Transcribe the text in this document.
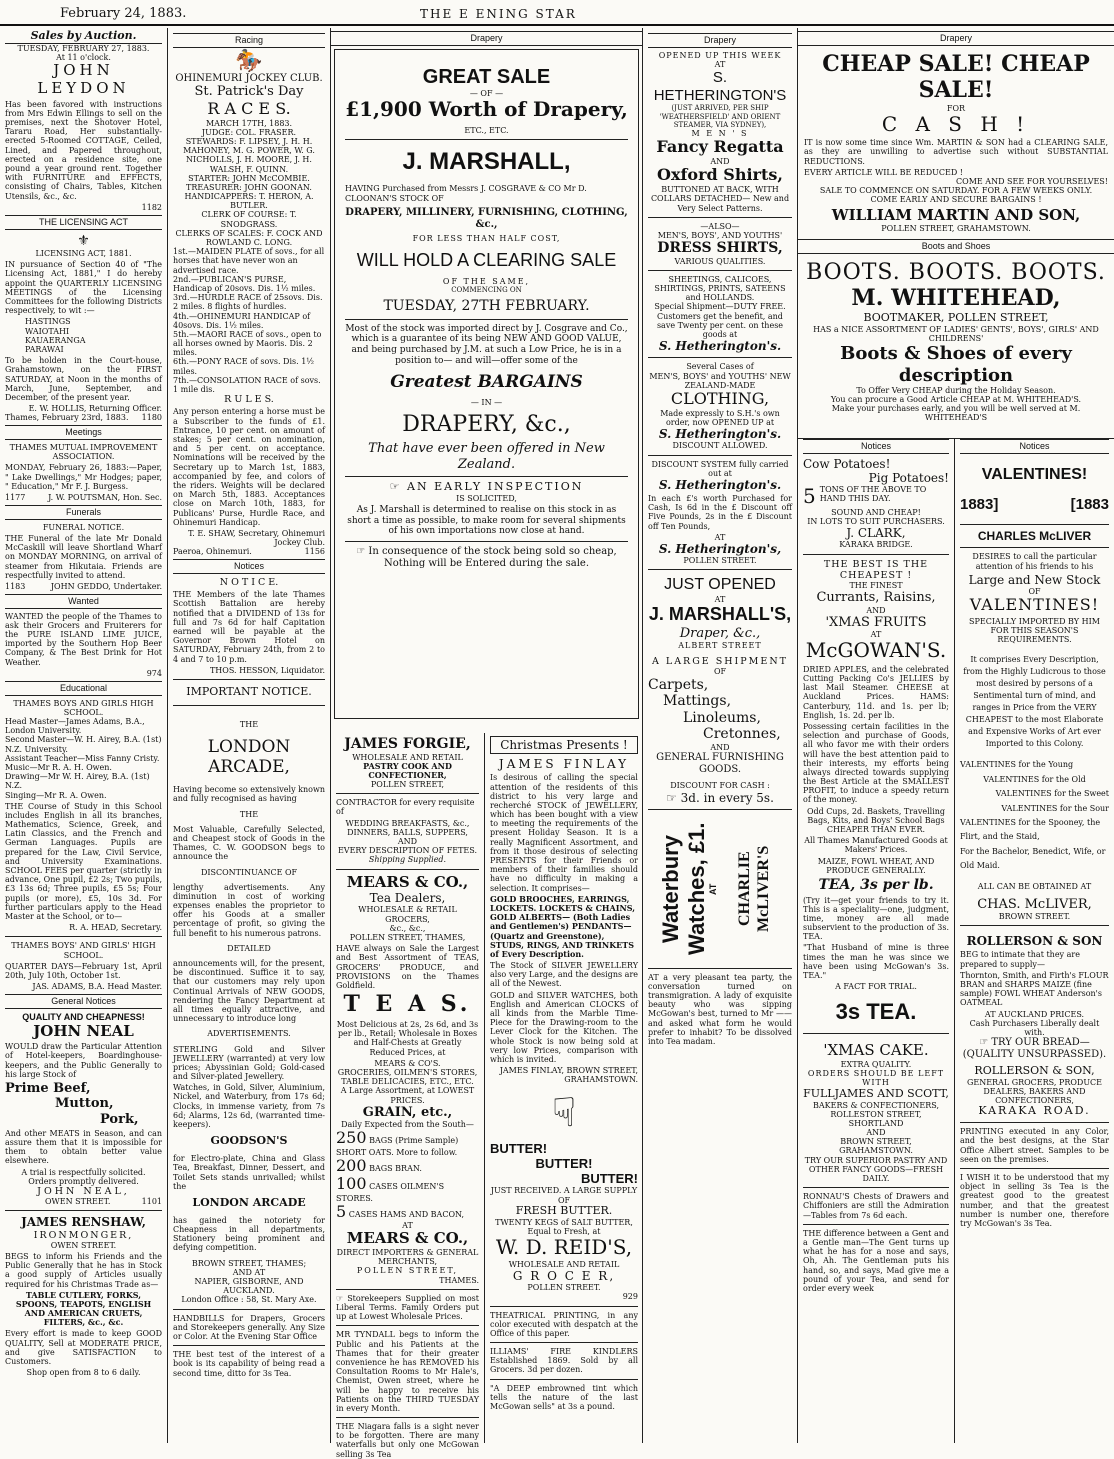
February 24, 1883.	THE E ENING STAR
Sales by Auction.
TUESDAY, FEBRUARY 27, 1883.
At 11 o'clock.
JOHN LEYDON

Has been favored with instructions from Mrs Edwin Ellings to sell on the premises, next the Shotover Hotel, Tararu Road, Her substantially-erected 5-Roomed COTTAGE, Ceiled, Lined, and Papered throughout, erected on a residence site, one pound a year ground rent. Together with FURNITURE and EFFECTS, consisting of Chairs, Tables, Kitchen Utensils, &c., &c.

1182
THE LICENSING ACT
⚜
LICENSING ACT, 1881.

IN pursuance of Section 40 of "The Licensing Act, 1881," I do hereby appoint the QUARTERLY LICENSING MEETINGS of the Licensing Committees for the following Districts respectively, to wit :—

HASTINGS
WAIOTAHI
KAUAERANGA
PARAWAI

To be holden in the Court-house, Grahamstown, on the FIRST SATURDAY, at Noon in the months of March, June, September, and December, of the present year.

E. W. HOLLIS, Returning Officer.
Thames, February 23rd, 1883. 1180
Meetings
THAMES MUTUAL IMPROVEMENT ASSOCIATION.

MONDAY, February 26, 1883:—Paper, " Lake Dwellings," Mr Hodges; paper, " Education," Mr F. J. Burgess.

1177	J. W. POUTSMAN, Hon. Sec.
Funerals
FUNERAL NOTICE.

THE Funeral of the late Mr Donald McCaskill will leave Shortland Wharf on MONDAY MORNING, on arrival of steamer from Hikutaia. Friends are respectfully invited to attend.

1183	JOHN GEDDO, Undertaker.
Wanted

WANTED the people of the Thames to ask their Grocers and Fruiterers for the PURE ISLAND LIME JUICE, imported by the Southern Hop Beer Company, & The Best Drink for Hot Weather.

974
Educational
THAMES BOYS AND GIRLS HIGH SCHOOL.
Head Master—James Adams, B.A., London University.
Second Master—W. H. Airey, B.A. (1st) N.Z. University.
Assistant Teacher—Miss Fanny Cristy.
Music—Mr R. A. H. Owen.
Drawing—Mr W. H. Airey, B.A. (1st) N.Z.
Singing—Mr R. A. Owen.

THE Course of Study in this School includes English in all its branches, Mathematics, Science, Greek, and Latin Classics, and the French and German Languages. Pupils are prepared for the Law, Civil Service, and University Examinations. SCHOOL FEES per quarter (strictly in advance, One pupil, £2 2s; Two pupils, £3 13s 6d; Three pupils, £5 5s; Four pupils (or more), £5, 10s 3d. For further particulars apply to the Head Master at the School, or to—

R. A. HEAD, Secretary.
THAMES BOYS' AND GIRLS' HIGH SCHOOL.

QUARTER DAYS—February 1st, April 20th, July 10th, October 1st.

JAS. ADAMS, B.A. Head Master.
General Notices
QUALITY AND CHEAPNESS!
JOHN NEAL

WOULD draw the Particular Attention of Hotel-keepers, Boardinghouse-keepers, and the Public Generally to his large Stock of

Prime Beef,
Mutton,
Pork,

And other MEATS in Season, and can assure them that it is impossible for them to obtain better value elsewhere.

A trial is respectfully solicited.
Orders promptly delivered.
JOHN NEAL,
OWEN STREET.	1101
JAMES RENSHAW,
IRONMONGER,
OWEN STREET.

BEGS to inform his Friends and the Public Generally that he has in Stock a good supply of Articles usually required for his Christmas Trade as—

TABLE CUTLERY, FORKS, SPOONS, TEAPOTS, ENGLISH AND AMERICAN CRUETS, FILTERS, &c., &c.

Every effort is made to keep GOOD QUALITY, Sell at MODERATE PRICE, and give SATISFACTION to Customers.

Shop open from 8 to 6 daily.
Racing
🏇
OHINEMURI JOCKEY CLUB.
St. Patrick's Day
R A C E S.
MARCH 17TH, 1883.
JUDGE: COL. FRASER.
STEWARDS: F. LIPSEY, J. H. H. MAHONEY, M. G. POWER, W. G. NICHOLLS, J. H. MOORE, J. H. WALSH, F. QUINN.
STARTER: JOHN McCOMBIE.
TREASURER: JOHN GOONAN.
HANDICAPPERS: T. HERON, A. BUTLER.
CLERK OF COURSE: T. SNODGRASS.
CLERKS OF SCALES: F. COCK AND ROWLAND C. LONG.
1st.—MAIDEN PLATE of sovs., for all horses that have never won an advertised race.
2nd.—PUBLICAN'S PURSE, Handicap of 20sovs. Dis. 1½ miles.
3rd.—HURDLE RACE of 25sovs. Dis. 2 miles. 8 flights of hurdles.
4th.—OHINEMURI HANDICAP of 40sovs. Dis. 1½ miles.
5th.—MAORI RACE of sovs., open to all horses owned by Maoris. Dis. 2 miles.
6th.—PONY RACE of sovs. Dis. 1½ miles.
7th.—CONSOLATION RACE of sovs. 1 mile dis.
R U L E S.

Any person entering a horse must be a Subscriber to the funds of £1. Entrance, 10 per cent. on amount of stakes; 5 per cent. on nomination, and 5 per cent. on acceptance. Nominations will be received by the Secretary up to March 1st, 1883, accompanied by fee, and colors of the riders. Weights will be declared on March 5th, 1883. Acceptances close on March 10th, 1883, for Publicans' Purse, Hurdle Race, and Ohinemuri Handicap.

T. E. SHAW, Secretary, Ohinemuri Jockey Club.
Paeroa, Ohinemuri.	1156
Notices
N O T I C E.

THE Members of the late Thames Scottish Battalion are hereby notified that a DIVIDEND of 13s for full and 7s 6d for half Capitation earned will be payable at the Governor Brown Hotel on SATURDAY, February 24th, from 2 to 4 and 7 to 10 p.m.

THOS. HESSON, Liquidator.
IMPORTANT NOTICE.
THE
LONDON ARCADE,

Having become so extensively known and fully recognised as having

THE

Most Valuable, Carefully Selected, and Cheapest stock of Goods in the Thames, C. W. GOODSON begs to announce the

DISCONTINUANCE OF

lengthy advertisements. Any diminution in cost of working expenses enables the proprietor to offer his Goods at a smaller percentage of profit, so giving the full benefit to his numerous patrons.

DETAILED

announcements will, for the present, be discontinued. Suffice it to say, that our customers may rely upon Continual Arrivals of NEW GOODS, rendering the Fancy Department at all times equally attractive, and unnecessary to introduce long

ADVERTISEMENTS.

STERLING Gold and Silver JEWELLERY (warranted) at very low prices; Abyssinian Gold; Gold-cased and Silver-plated Jewellery.

Watches, in Gold, Silver, Aluminium, Nickel, and Waterbury, from 17s 6d; Clocks, in immense variety, from 7s 6d; Alarms, 12s 6d, (warranted time-keepers).

GOODSON'S

for Electro-plate, China and Glass Tea, Breakfast, Dinner, Dessert, and Toilet Sets stands unrivalled; whilst the

LONDON ARCADE

has gained the notoriety for Cheapness in all departments, Stationery being prominent and defying competition.

BROWN STREET, THAMES;
AND AT
NAPIER, GISBORNE, AND AUCKLAND.
London Office : 58, St. Mary Axe.

HANDBILLS for Drapers, Grocers and Storekeepers generally. Any Size or Color. At the Evening Star Office

THE best test of the interest of a book is its capability of being read a second time, ditto for 3s Tea.

Drapery
GREAT SALE
— OF —
£1,900 Worth of Drapery,
ETC., ETC.
J. MARSHALL,

HAVING Purchased from Messrs J. COSGRAVE & CO Mr D. CLOONAN'S STOCK OF

DRAPERY, MILLINERY, FURNISHING, CLOTHING, &c.,
FOR LESS THAN HALF COST,
WILL HOLD A CLEARING SALE
OF THE SAME,
COMMENCING ON
TUESDAY, 27TH FEBRUARY.

Most of the stock was imported direct by J. Cosgrave and Co., which is a guarantee of its being NEW AND GOOD VALUE, and being purchased by J.M. at such a Low Price, he is in a position to— and will—offer some of the

Greatest BARGAINS
— IN —
DRAPERY, &c.,
That have ever been offered in New Zealand.
☞ AN EARLY INSPECTION
IS SOLICITED,

As J. Marshall is determined to realise on this stock in as short a time as possible, to make room for several shipments of his own importations now close at hand.

☞ In consequence of the stock being sold so cheap, Nothing will be Entered during the sale.

JAMES FORGIE,
WHOLESALE AND RETAIL
PASTRY COOK AND CONFECTIONER,
POLLEN STREET,

CONTRACTOR for every requisite of

WEDDING BREAKFASTS, &c., DINNERS, BALLS, SUPPERS,
AND
EVERY DESCRIPTION OF FETES.
Shipping Supplied.
MEARS & CO.,
Tea Dealers,
WHOLESALE & RETAIL GROCERS,
&c., &c.,
POLLEN STREET, THAMES,

HAVE always on Sale the Largest and Best Assortment of TEAS, GROCERS' PRODUCE, and PROVISIONS on the Thames Goldfield.

T E A S.

Most Delicious at 2s, 2s 6d, and 3s per lb., Retail; Wholesale in Boxes and Half-Chests at Greatly Reduced Prices, at

MEARS & CO'S.
GROCERIES, OILMEN'S STORES, TABLE DELICACIES, ETC., ETC.
A Large Assortment, at LOWEST PRICES.
GRAIN, etc.,
Daily Expected from the South—
250 BAGS (Prime Sample) SHORT OATS. More to follow.
200 BAGS BRAN.
100 CASES OILMEN'S STORES.
5 CASES HAMS AND BACON,
AT
MEARS & CO.,
DIRECT IMPORTERS & GENERAL MERCHANTS,
POLLEN STREET,
THAMES.

☞ Storekeepers Supplied on most Liberal Terms. Family Orders put up at Lowest Wholesale Prices.

MR TYNDALL begs to inform the Public and his Patients at the Thames that for their greater convenience he has REMOVED his Consultation Rooms to Mr Hale's, Chemist, Owen street, where he will be happy to receive his Patients on the THIRD TUESDAY in every Month.

THE Niagara falls is a sight never to be forgotten. There are many waterfalls but only one McGowan selling 3s Tea

Christmas Presents !
JAMES FINLAY

Is desirous of calling the special attention of the residents of this district to his very large and recherché STOCK of JEWELLERY, which has been bought with a view to meeting the requirements of the present Holiday Season. It is a really Magnificent Assortment, and from it those desirous of selecting PRESENTS for their Friends or members of their families should have no difficulty in making a selection. It comprises—

GOLD BROOCHES, EARRINGS, LOCKETS. LOCKETS & CHAINS, GOLD ALBERTS— (Both Ladies and Gentlemen's) PENDANTS— (Quartz and Greenstone), STUDS, RINGS, AND TRINKETS of Every Description.

The Stock of SILVER JEWELLERY also very Large, and the designs are all of the Newest.

GOLD and SILVER WATCHES, both English and American CLOCKS of all kinds from the Marble Time-Piece for the Drawing-room to the Lever Clock for the Kitchen. The whole Stock is now being sold at very low Prices, comparison with which is invited.

JAMES FINLAY, BROWN STREET, GRAHAMSTOWN.
☟
BUTTER!
BUTTER!
BUTTER!
JUST RECEIVED. A LARGE SUPPLY OF
FRESH BUTTER.
TWENTY KEGS of SALT BUTTER, Equal to Fresh, at
W. D. REID'S,
WHOLESALE AND RETAIL
G R O C E R,
POLLEN STREET.
929

THEATRICAL PRINTING, in any color executed with despatch at the Office of this paper.

ILLIAMS' FIRE KINDLERS Established 1869. Sold by all Grocers. 3d per dozen.

"A DEEP embrowned tint which tells the nature of the last McGowan sells" at 3s a pound.

Drapery
OPENED UP THIS WEEK
AT
S. HETHERINGTON'S
(JUST ARRIVED, PER SHIP 'WEATHERSFIELD' AND ORIENT STEAMER, VIA SYDNEY),
M E N ' S
Fancy Regatta
AND
Oxford Shirts,
BUTTONED AT BACK, WITH COLLARS DETACHED— New and Very Select Patterns.
—ALSO—
MEN'S, BOYS', AND YOUTHS'
DRESS SHIRTS,
VARIOUS QUALITIES.
SHEETINGS, CALICOES, SHIRTINGS, PRINTS, SATEENS and HOLLANDS.
Special Shipment—DUTY FREE.
Customers get the benefit, and save Twenty per cent. on these goods at
S. Hetherington's.
Several Cases of
MEN'S, BOYS' and YOUTHS' NEW ZEALAND-MADE
CLOTHING,
Made expressly to S.H.'s own order, now OPENED UP at
S. Hetherington's.
DISCOUNT ALLOWED.
DISCOUNT SYSTEM fully carried out at
S. Hetherington's.

In each £'s worth Purchased for Cash, Is 6d in the £ Discount off Five Pounds, 2s in the £ Discount off Ten Pounds,

AT
S. Hetherington's,
POLLEN STREET.
JUST OPENED
AT
J. MARSHALL'S,
Draper, &c.,
ALBERT STREET
A LARGE SHIPMENT
OF
Carpets,
Mattings,
Linoleums,
Cretonnes,
AND
GENERAL FURNISHING GOODS.
DISCOUNT FOR CASH :
☞ 3d. in every 5s.
Waterbury Watches, £1. AT CHARLIE McLIVER'S

AT a very pleasant tea party, the conversation turned on transmigration. A lady of exquisite beauty who was sipping McGowan's best, turned to Mr —— and asked what form he would prefer to inhabit? To be dissolved into Tea madam.

Drapery
CHEAP SALE! CHEAP SALE!
FOR
C A S H !

IT is now some time since Wm. MARTIN & SON had a CLEARING SALE, as they are unwilling to advertise such without SUBSTANTIAL REDUCTIONS.

EVERY ARTICLE WILL BE REDUCED !
COME AND SEE FOR YOURSELVES!
SALE TO COMMENCE ON SATURDAY. FOR A FEW WEEKS ONLY.
COME EARLY AND SECURE BARGAINS !
WILLIAM MARTIN AND SON,
POLLEN STREET, GRAHAMSTOWN.
Boots and Shoes
BOOTS. BOOTS. BOOTS.
M. WHITEHEAD,
BOOTMAKER, POLLEN STREET,
HAS a NICE ASSORTMENT OF LADIES' GENTS', BOYS', GIRLS' AND CHILDRENS'
Boots & Shoes of every description
To Offer Very CHEAP during the Holiday Season.
You can procure a Good Article CHEAP at M. WHITEHEAD'S.
Make your purchases early, and you will be well served at M. WHITEHEAD'S
Notices
Cow Potatoes!
Pig Potatoes!
5 TONS OF THE ABOVE TO HAND THIS DAY.
SOUND AND CHEAP!
IN LOTS TO SUIT PURCHASERS.
J. CLARK,
KARAKA BRIDGE.
THE BEST IS THE CHEAPEST !
THE FINEST
Currants, Raisins,
AND
'XMAS FRUITS
AT
McGOWAN'S.

DRIED APPLES, and the celebrated Cutting Packing Co's JELLIES by last Mail Steamer. CHEESE at Auckland Prices. HAMS: Canterbury, 11d. and 1s. per lb; English, 1s. 2d. per lb.

Possessing certain facilities in the selection and purchase of Goods, all who favor me with their orders will have the best attention paid to their interests, my efforts being always directed towards supplying the Best Article at the SMALLEST PROFIT, to induce a speedy return of the money.

Odd Cups, 2d. Baskets, Travelling Bags, Kits, and Boys' School Bags CHEAPER THAN EVER.

All Thames Manufactured Goods at Makers' Prices.

MAIZE, FOWL WHEAT, AND PRODUCE GENERALLY.

TEA, 3s per lb.

(Try it—get your friends to try it. This is a speciality—one, judgment, time, money are all made subservient to the production of 3s. TEA.

"That Husband of mine is three times the man he was since we have been using McGowan's 3s. TEA."

A FACT FOR TRIAL.
3s TEA.
'XMAS CAKE.
EXTRA QUALITY.
ORDERS SHOULD BE LEFT WITH
FULLJAMES AND SCOTT,
BAKERS & CONFECTIONERS,
ROLLESTON STREET, SHORTLAND
AND
BROWN STREET, GRAHAMSTOWN.
TRY OUR SUPERIOR PASTRY AND OTHER FANCY GOODS—FRESH DAILY.

RONNAU'S Chests of Drawers and Chiffoniers are still the Admiration—Tables from 7s 6d each.

THE difference between a Gent and a Gentle man—The Gent turns up what he has for a nose and says, Oh, Ah. The Gentleman puts his hand, so, and says, Mad give me a pound of your Tea, and send for order every week

Notices
VALENTINES!
1883]	[1883
CHARLES McLIVER

DESIRES to call the particular attention of his friends to his

Large and New Stock
OF
VALENTINES!

SPECIALLY IMPORTED BY HIM FOR THIS SEASON'S REQUIREMENTS.

It comprises Every Description, from the Highly Ludicrous to those most desired by persons of a Sentimental turn of mind, and ranges in Price from the VERY CHEAPEST to the most Elaborate and Expensive Works of Art ever Imported to this Colony.

VALENTINES for the Young
VALENTINES for the Old
VALENTINES for the Sweet
VALENTINES for the Sour
VALENTINES for the Spooney, the Flirt, and the Staid,
For the Bachelor, Benedict, Wife, or Old Maid.
ALL CAN BE OBTAINED AT
CHAS. McLIVER,
BROWN STREET.
ROLLERSON & SON

BEG to intimate that they are prepared to supply—

Thornton, Smith, and Firth's FLOUR BRAN and SHARPS MAIZE (fine sample) FOWL WHEAT Anderson's OATMEAL

AT AUCKLAND PRICES.
Cash Purchasers Liberally dealt with.
☞ TRY OUR BREAD— (QUALITY UNSURPASSED).
ROLLERSON & SON,
GENERAL GROCERS, PRODUCE DEALERS, BAKERS AND CONFECTIONERS,
KARAKA ROAD.

PRINTING executed in any Color, and the best designs, at the Star Office Albert street. Samples to be seen on the premises.

I WISH it to be understood that my object in selling 3s Tea is the greatest good to the greatest number, and that the greatest number is number one, therefore try McGowan's 3s Tea.
